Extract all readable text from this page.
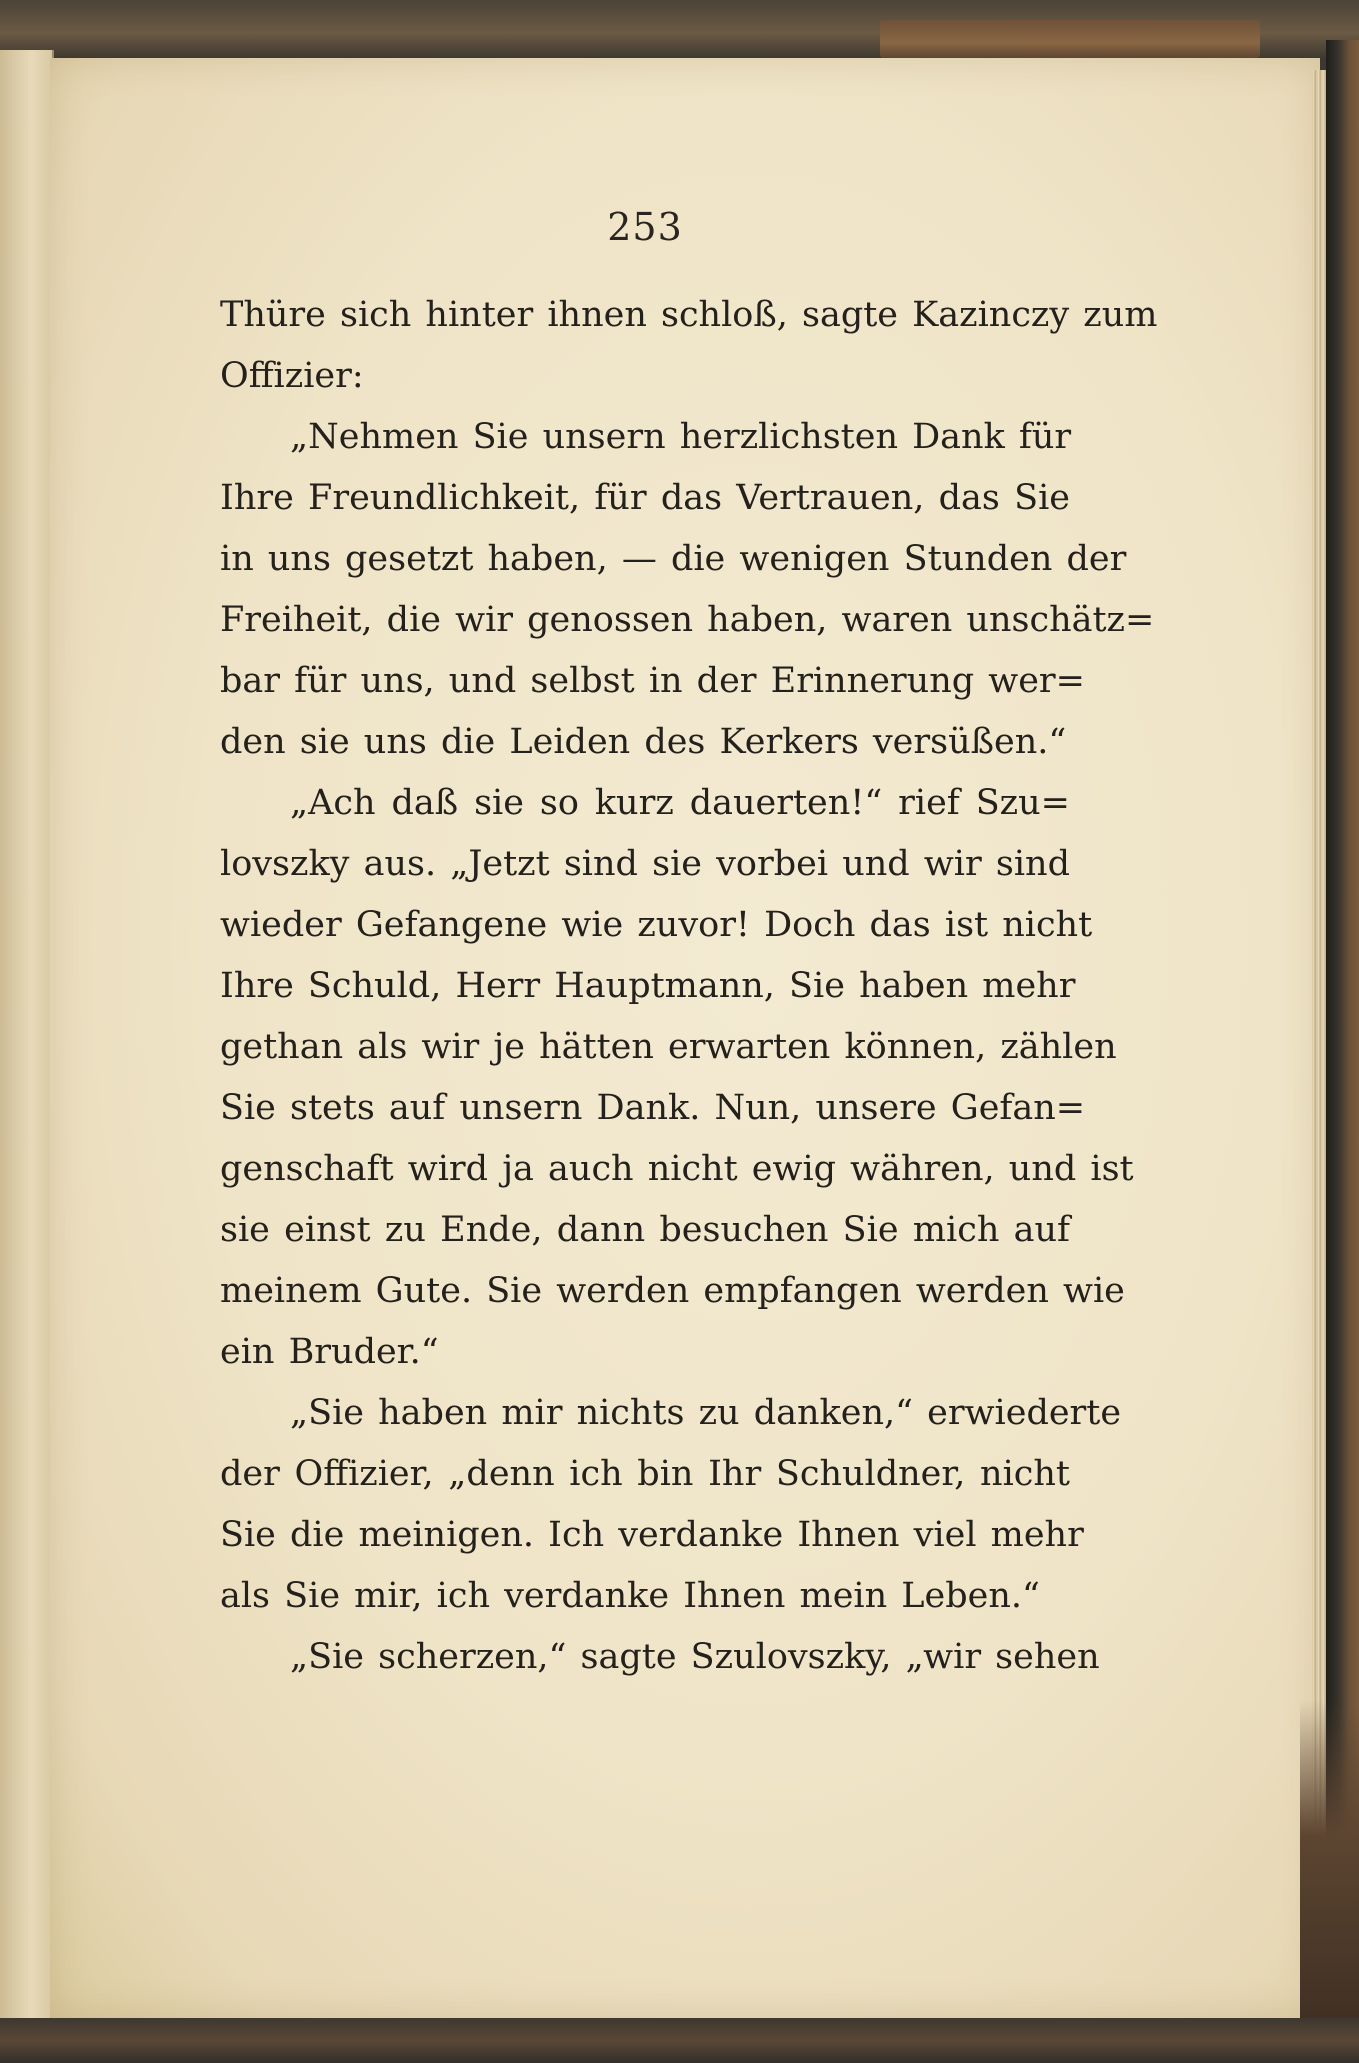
253
Thüre sich hinter ihnen schloß, sagte Kazinczy zum
Offizier:
„Nehmen Sie unsern herzlichsten Dank für
Ihre Freundlichkeit, für das Vertrauen, das Sie
in uns gesetzt haben, — die wenigen Stunden der
Freiheit, die wir genossen haben, waren unschätz=
bar für uns, und selbst in der Erinnerung wer=
den sie uns die Leiden des Kerkers versüßen.“
„Ach daß sie so kurz dauerten!“ rief Szu=
lovszky aus. „Jetzt sind sie vorbei und wir sind
wieder Gefangene wie zuvor! Doch das ist nicht
Ihre Schuld, Herr Hauptmann, Sie haben mehr
gethan als wir je hätten erwarten können, zählen
Sie stets auf unsern Dank. Nun, unsere Gefan=
genschaft wird ja auch nicht ewig währen, und ist
sie einst zu Ende, dann besuchen Sie mich auf
meinem Gute. Sie werden empfangen werden wie
ein Bruder.“
„Sie haben mir nichts zu danken,“ erwiederte
der Offizier, „denn ich bin Ihr Schuldner, nicht
Sie die meinigen. Ich verdanke Ihnen viel mehr
als Sie mir, ich verdanke Ihnen mein Leben.“
„Sie scherzen,“ sagte Szulovszky, „wir sehen
